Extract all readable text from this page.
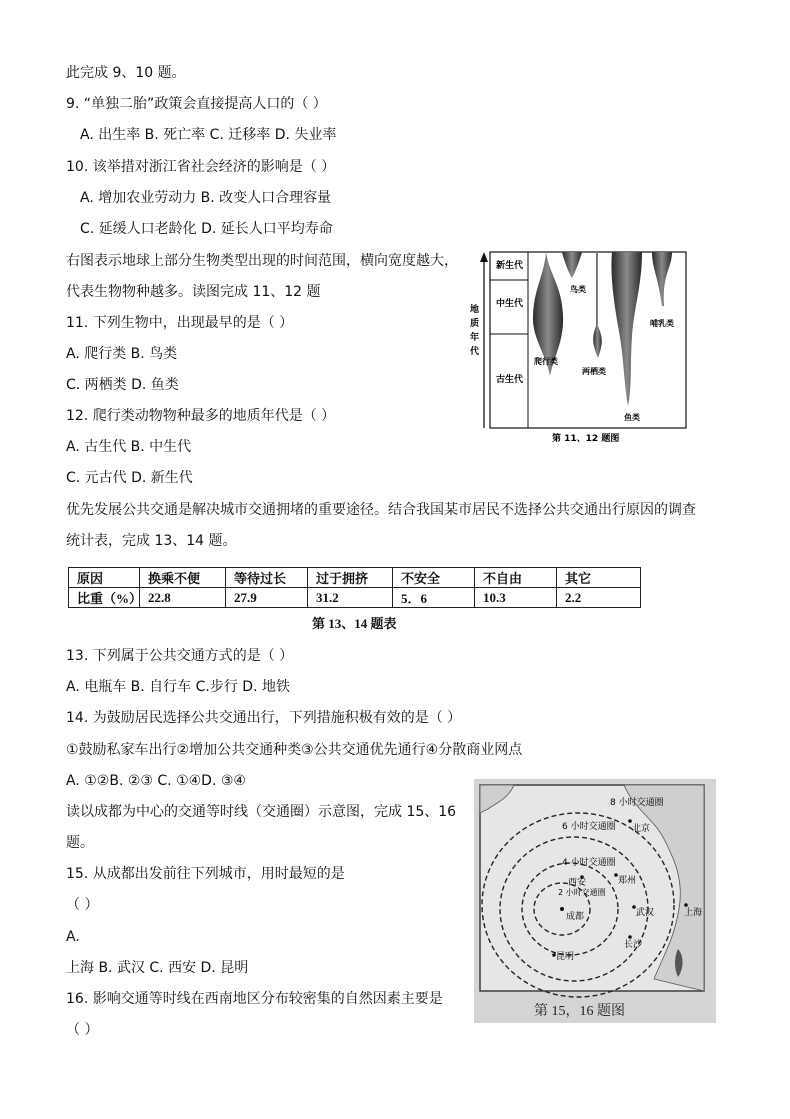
此完成 9、10 题。
9. “单独二胎”政策会直接提高人口的（ ）
A. 出生率 B. 死亡率 C. 迁移率 D. 失业率
10. 该举措对浙江省社会经济的影响是（ ）
A. 增加农业劳动力 B. 改变人口合理容量
C. 延缓人口老龄化 D. 延长人口平均寿命
右图表示地球上部分生物类型出现的时间范围，横向宽度越大，
代表生物物种越多。读图完成 11、12 题
11. 下列生物中，出现最早的是（ ）
A. 爬行类 B. 鸟类
C. 两栖类 D. 鱼类
12. 爬行类动物物种最多的地质年代是（ ）
A. 古生代 B. 中生代
C. 元古代 D. 新生代
优先发展公共交通是解决城市交通拥堵的重要途径。结合我国某市居民不选择公共交通出行原因的调查
统计表，完成 13、14 题。
原因	换乘不便	等待过长	过于拥挤	不安全	不自由	其它
比重（%）	22.8	27.9	31.2	5．6	10.3	2.2
第 13、14 题表
13. 下列属于公共交通方式的是（ ）
A. 电瓶车 B. 自行车 C.步行 D. 地铁
14. 为鼓励居民选择公共交通出行，下列措施积极有效的是（ ）
①鼓励私家车出行②增加公共交通种类③公共交通优先通行④分散商业网点
A. ①②B. ②③ C. ①④D. ③④
读以成都为中心的交通等时线（交通圈）示意图，完成 15、16
题。
15. 从成都出发前往下列城市，用时最短的是
（ ）
A.
上海 B. 武汉 C. 西安 D. 昆明
16. 影响交通等时线在西南地区分布较密集的自然因素主要是
（ ）
地
质
年
代
新生代
中生代
古生代
鸟类
哺乳类
爬行类
两栖类
鱼类
第 11、12 题图
8 小时交通圈
6 小时交通圈
4 小时交通圈
2 小时交通圈
北京
西安	郑州
成都	武汉	上海
长沙
昆明
第 15，16 题图
